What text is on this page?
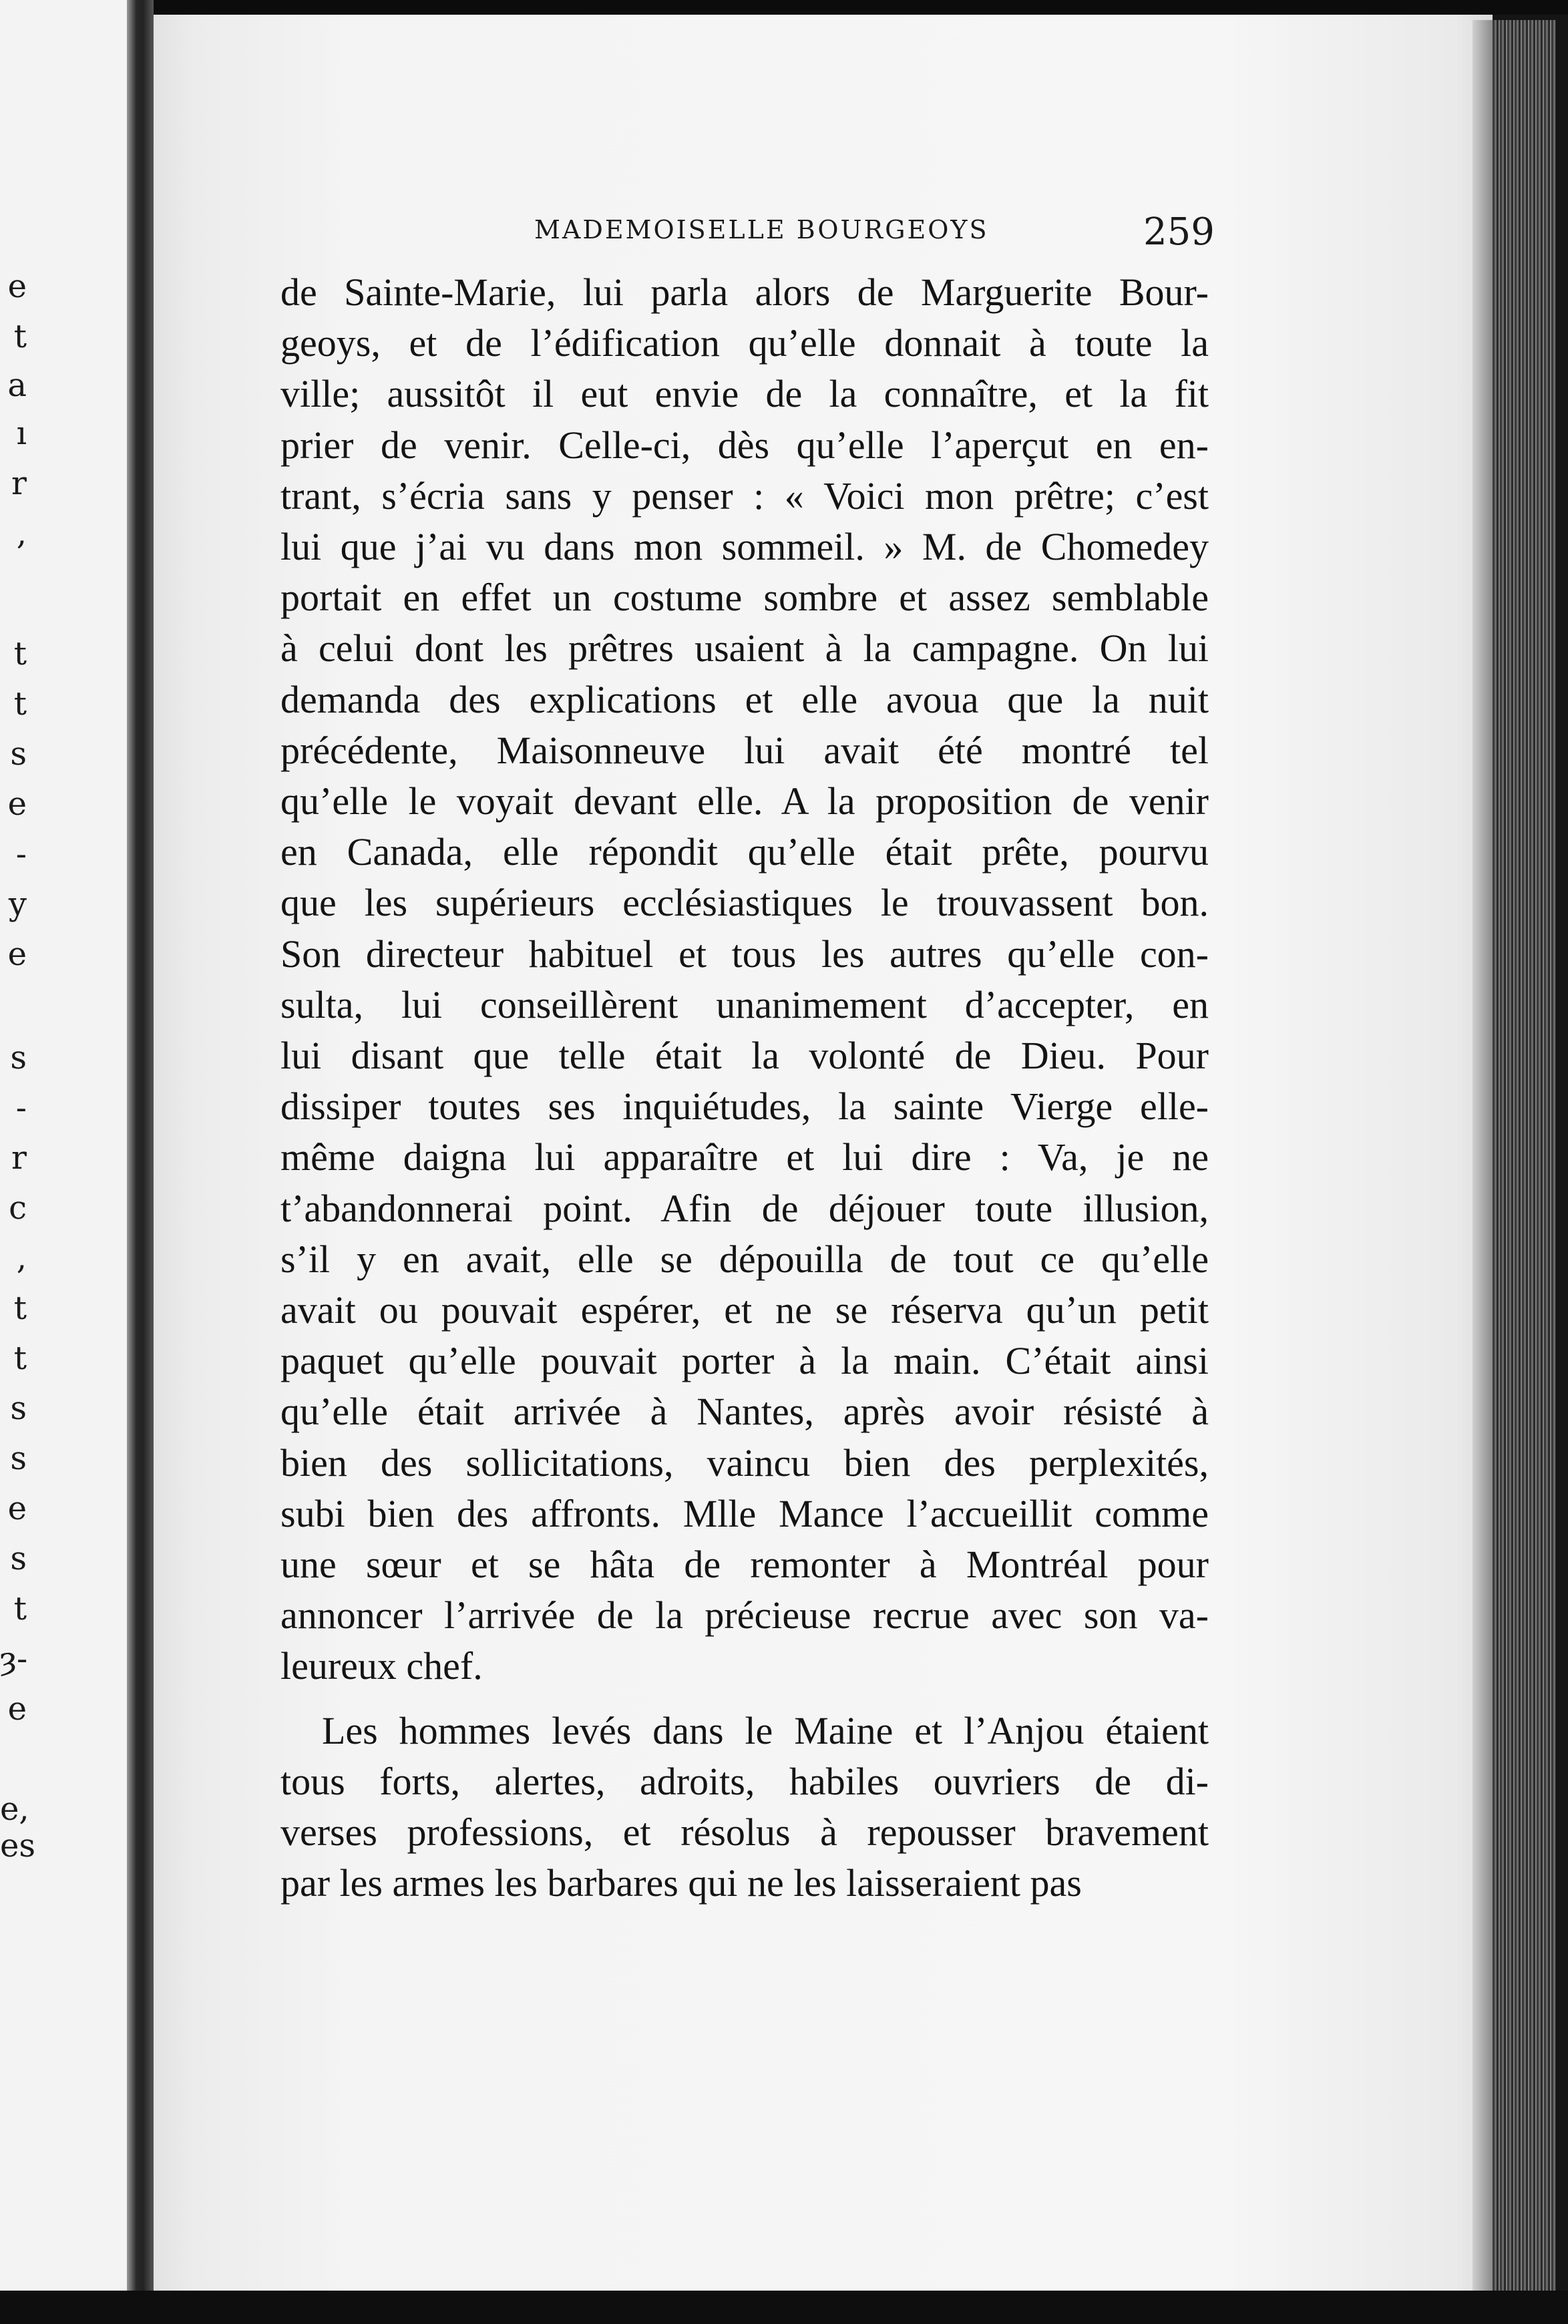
e
t
a
ı
r
,
t
t
s
e
-
y
e
s
-
r
c
,
t
t
s
s
e
s
t
ȝ-
e
e,
es
MADEMOISELLE BOURGEOYS	259
de Sainte-Marie, lui parla alors de Marguerite Bour-
geoys, et de l’édification qu’elle donnait à toute la
ville; aussitôt il eut envie de la connaître, et la fit
prier de venir. Celle-ci, dès qu’elle l’aperçut en en-
trant, s’écria sans y penser : « Voici mon prêtre; c’est
lui que j’ai vu dans mon sommeil. » M. de Chomedey
portait en effet un costume sombre et assez semblable
à celui dont les prêtres usaient à la campagne. On lui
demanda des explications et elle avoua que la nuit
précédente, Maisonneuve lui avait été montré tel
qu’elle le voyait devant elle. A la proposition de venir
en Canada, elle répondit qu’elle était prête, pourvu
que les supérieurs ecclésiastiques le trouvassent bon.
Son directeur habituel et tous les autres qu’elle con-
sulta, lui conseillèrent unanimement d’accepter, en
lui disant que telle était la volonté de Dieu. Pour
dissiper toutes ses inquiétudes, la sainte Vierge elle-
même daigna lui apparaître et lui dire : Va, je ne
t’abandonnerai point. Afin de déjouer toute illusion,
s’il y en avait, elle se dépouilla de tout ce qu’elle
avait ou pouvait espérer, et ne se réserva qu’un petit
paquet qu’elle pouvait porter à la main. C’était ainsi
qu’elle était arrivée à Nantes, après avoir résisté à
bien des sollicitations, vaincu bien des perplexités,
subi bien des affronts. Mlle Mance l’accueillit comme
une sœur et se hâta de remonter à Montréal pour
annoncer l’arrivée de la précieuse recrue avec son va-
leureux chef.
Les hommes levés dans le Maine et l’Anjou étaient
tous forts, alertes, adroits, habiles ouvriers de di-
verses professions, et résolus à repousser bravement
par les armes les barbares qui ne les laisseraient pas
